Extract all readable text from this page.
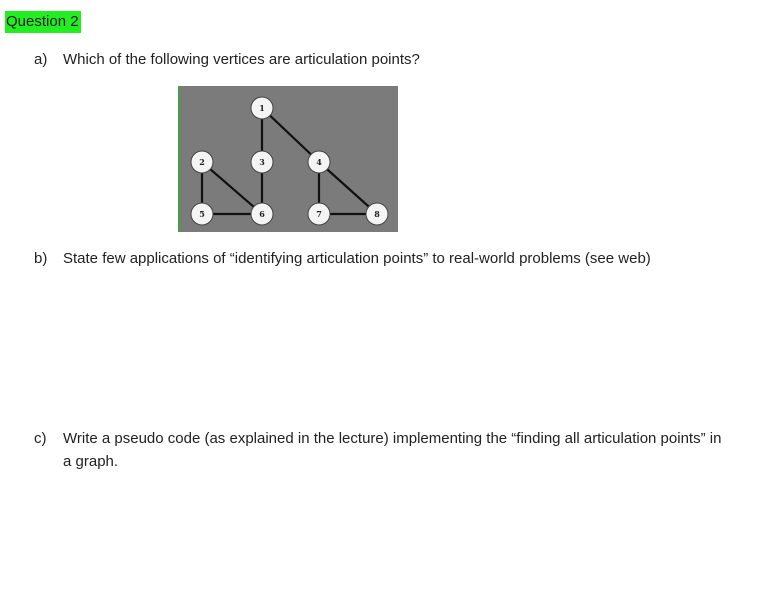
Question 2
a)	Which of the following vertices are articulation points?
1
2	3	4
5	6	7	8
b)	State few applications of “identifying articulation points” to real-world problems (see web)
c)	Write a pseudo code (as explained in the lecture) implementing the “finding all articulation points” in a graph.
